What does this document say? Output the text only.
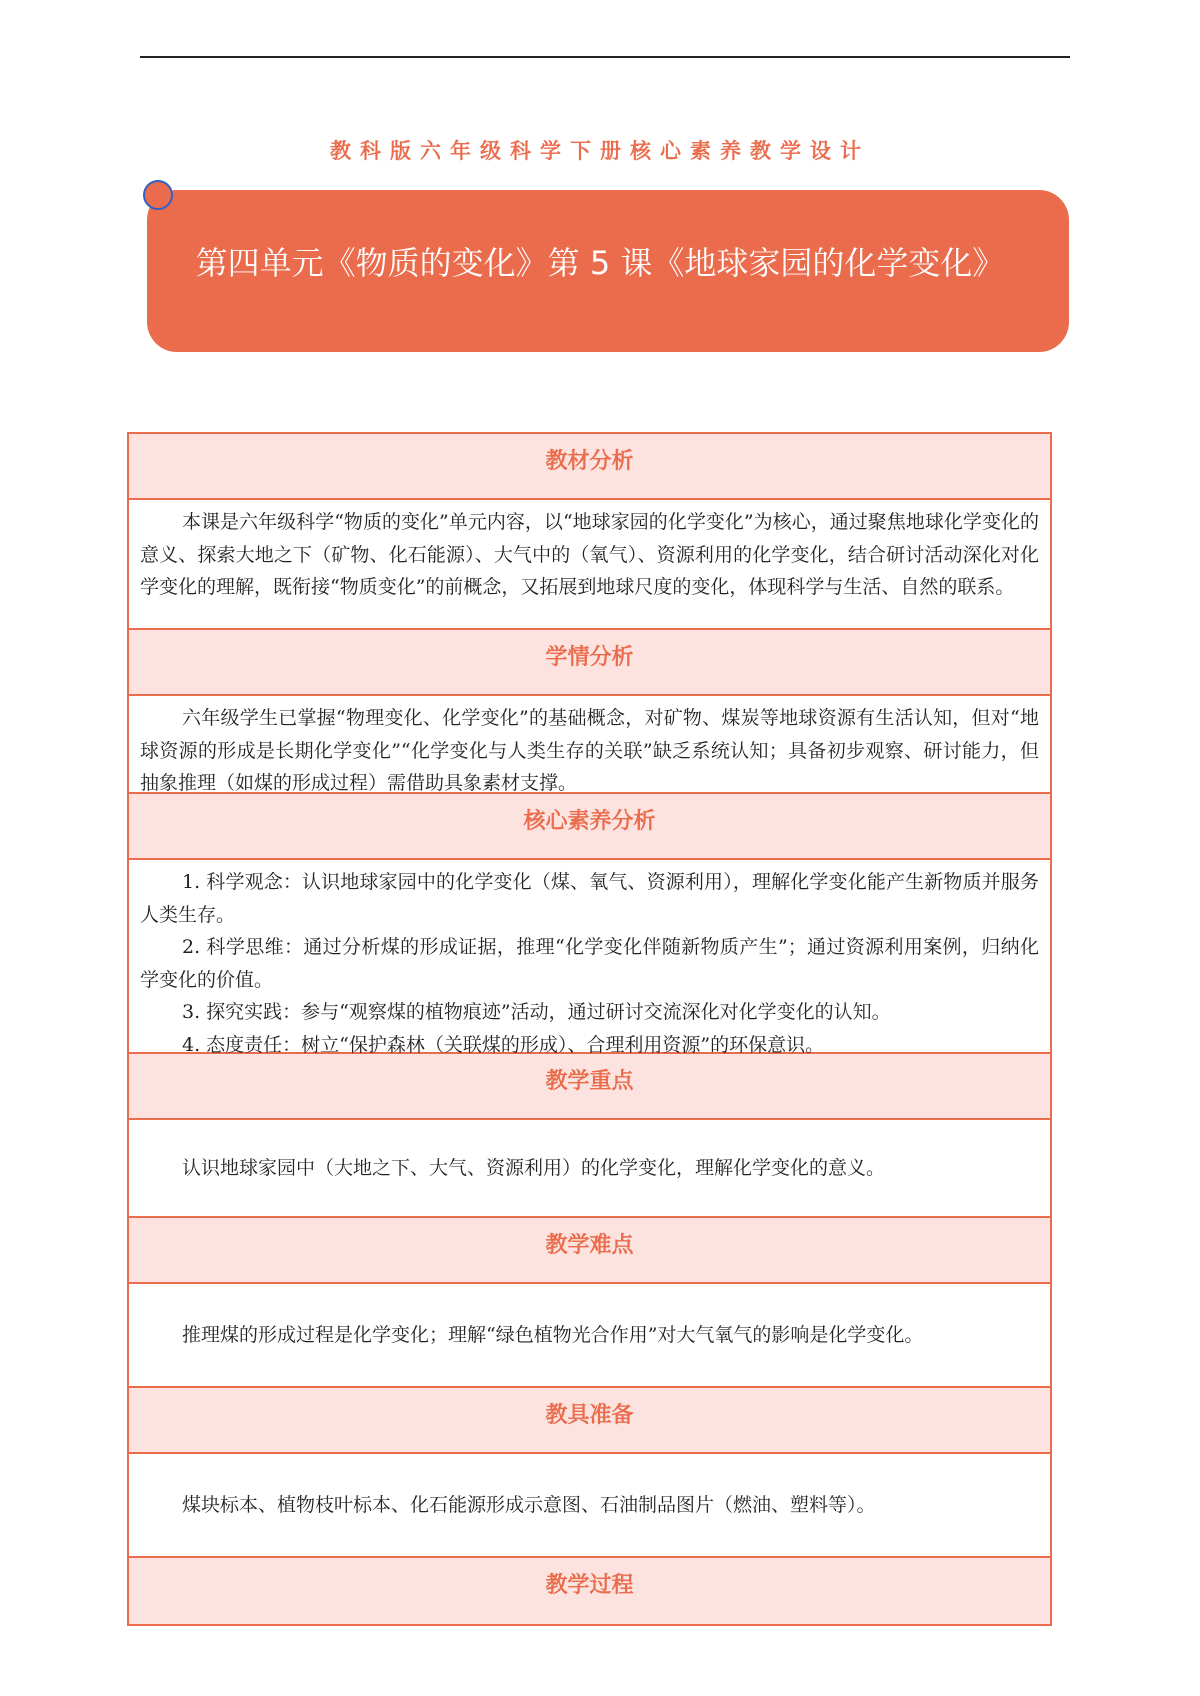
教科版六年级科学下册核心素养教学设计
第四单元《物质的变化》第 5 课《地球家园的化学变化》
教材分析

本课是六年级科学“物质的变化”单元内容，以“地球家园的化学变化”为核心，通过聚焦地球化学变化的意义、探索大地之下（矿物、化石能源）、大气中的（氧气）、资源利用的化学变化，结合研讨活动深化对化学变化的理解，既衔接“物质变化”的前概念，又拓展到地球尺度的变化，体现科学与生活、自然的联系。

学情分析

六年级学生已掌握“物理变化、化学变化”的基础概念，对矿物、煤炭等地球资源有生活认知，但对“地球资源的形成是长期化学变化”“化学变化与人类生存的关联”缺乏系统认知；具备初步观察、研讨能力，但抽象推理（如煤的形成过程）需借助具象素材支撑。

核心素养分析

1. 科学观念：认识地球家园中的化学变化（煤、氧气、资源利用），理解化学变化能产生新物质并服务人类生存。

2. 科学思维：通过分析煤的形成证据，推理“化学变化伴随新物质产生”；通过资源利用案例，归纳化学变化的价值。

3. 探究实践：参与“观察煤的植物痕迹”活动，通过研讨交流深化对化学变化的认知。

4. 态度责任：树立“保护森林（关联煤的形成）、合理利用资源”的环保意识。

教学重点

认识地球家园中（大地之下、大气、资源利用）的化学变化，理解化学变化的意义。

教学难点

推理煤的形成过程是化学变化；理解“绿色植物光合作用”对大气氧气的影响是化学变化。

教具准备

煤块标本、植物枝叶标本、化石能源形成示意图、石油制品图片（燃油、塑料等）。

教学过程
